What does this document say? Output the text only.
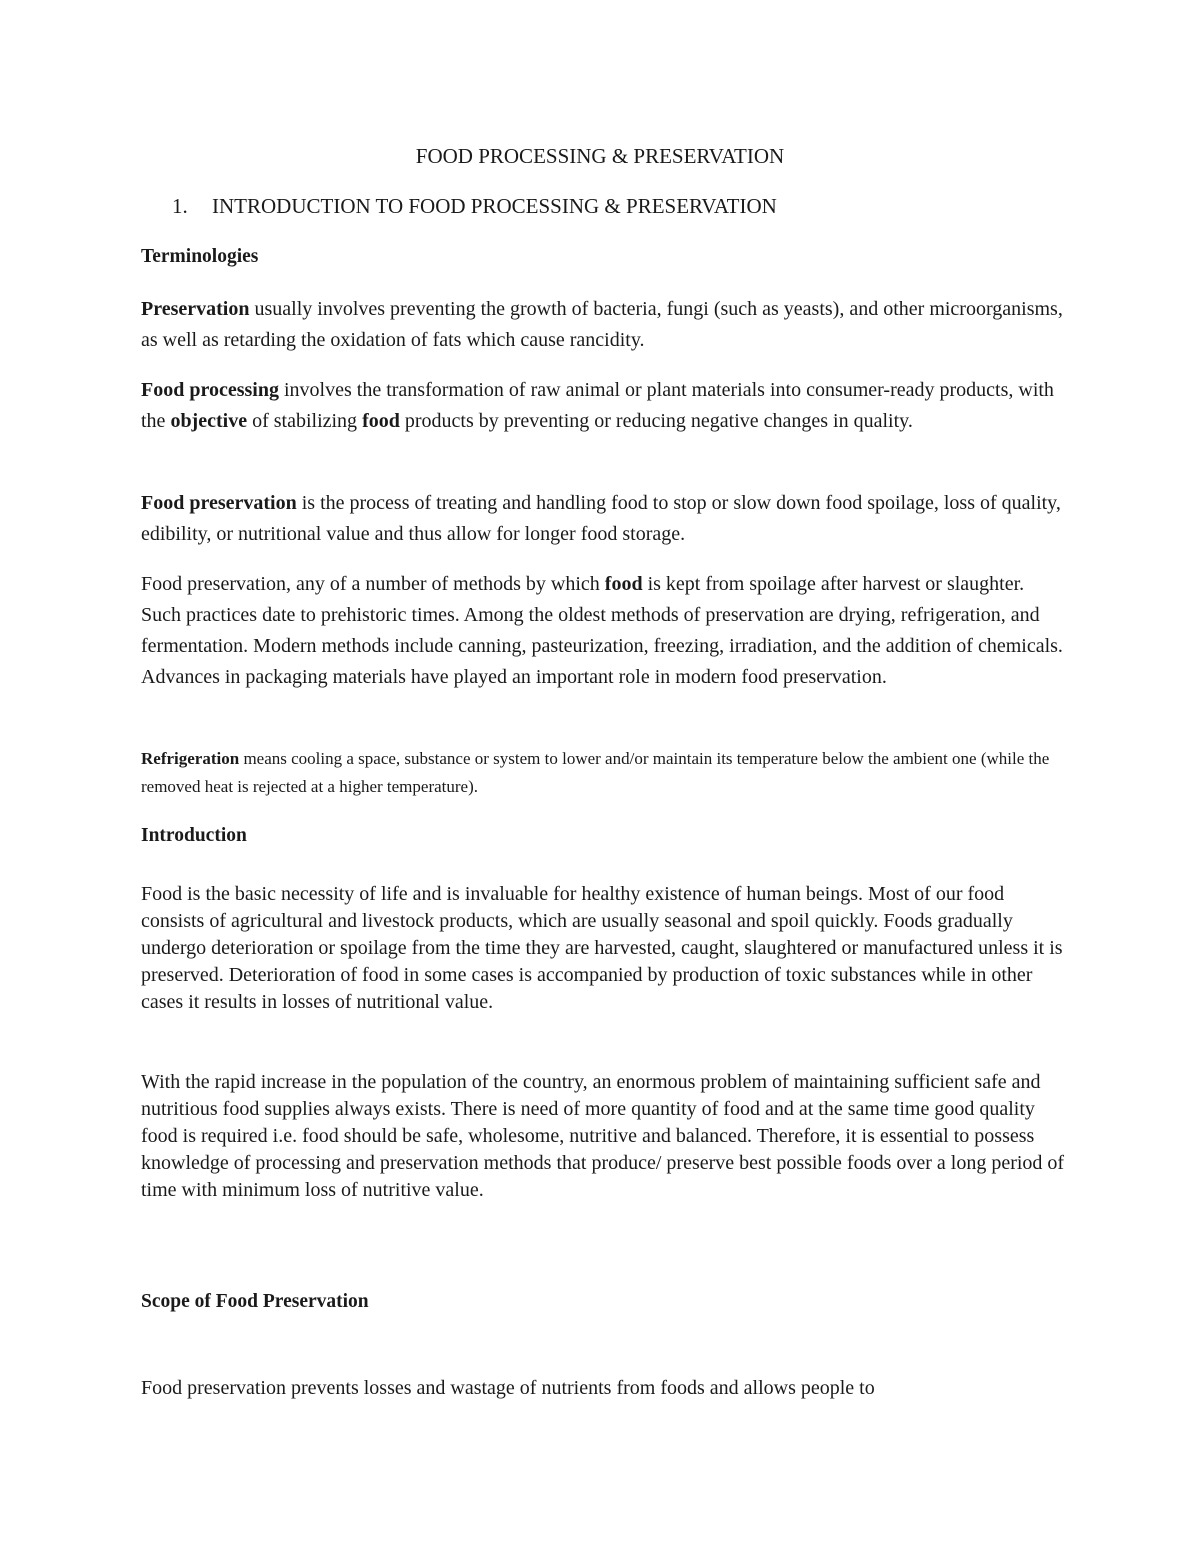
FOOD PROCESSING & PRESERVATION

1. INTRODUCTION TO FOOD PROCESSING & PRESERVATION

Terminologies

Preservation usually involves preventing the growth of bacteria, fungi (such as yeasts), and other microorganisms, as well as retarding the oxidation of fats which cause rancidity.

Food processing involves the transformation of raw animal or plant materials into consumer-ready products, with the objective of stabilizing food products by preventing or reducing negative changes in quality.

Food preservation is the process of treating and handling food to stop or slow down food spoilage, loss of quality, edibility, or nutritional value and thus allow for longer food storage.

Food preservation, any of a number of methods by which food is kept from spoilage after harvest or slaughter. Such practices date to prehistoric times. Among the oldest methods of preservation are drying, refrigeration, and fermentation. Modern methods include canning, pasteurization, freezing, irradiation, and the addition of chemicals. Advances in packaging materials have played an important role in modern food preservation.

Refrigeration means cooling a space, substance or system to lower and/or maintain its temperature below the ambient one (while the removed heat is rejected at a higher temperature).

Introduction

Food is the basic necessity of life and is invaluable for healthy existence of human beings. Most of our food consists of agricultural and livestock products, which are usually seasonal and spoil quickly. Foods gradually undergo deterioration or spoilage from the time they are harvested, caught, slaughtered or manufactured unless it is preserved. Deterioration of food in some cases is accompanied by production of toxic substances while in other cases it results in losses of nutritional value.

With the rapid increase in the population of the country, an enormous problem of maintaining sufficient safe and nutritious food supplies always exists. There is need of more quantity of food and at the same time good quality food is required i.e. food should be safe, wholesome, nutritive and balanced. Therefore, it is essential to possess knowledge of processing and preservation methods that produce/ preserve best possible foods over a long period of time with minimum loss of nutritive value.

Scope of Food Preservation

Food preservation prevents losses and wastage of nutrients from foods and allows people to
